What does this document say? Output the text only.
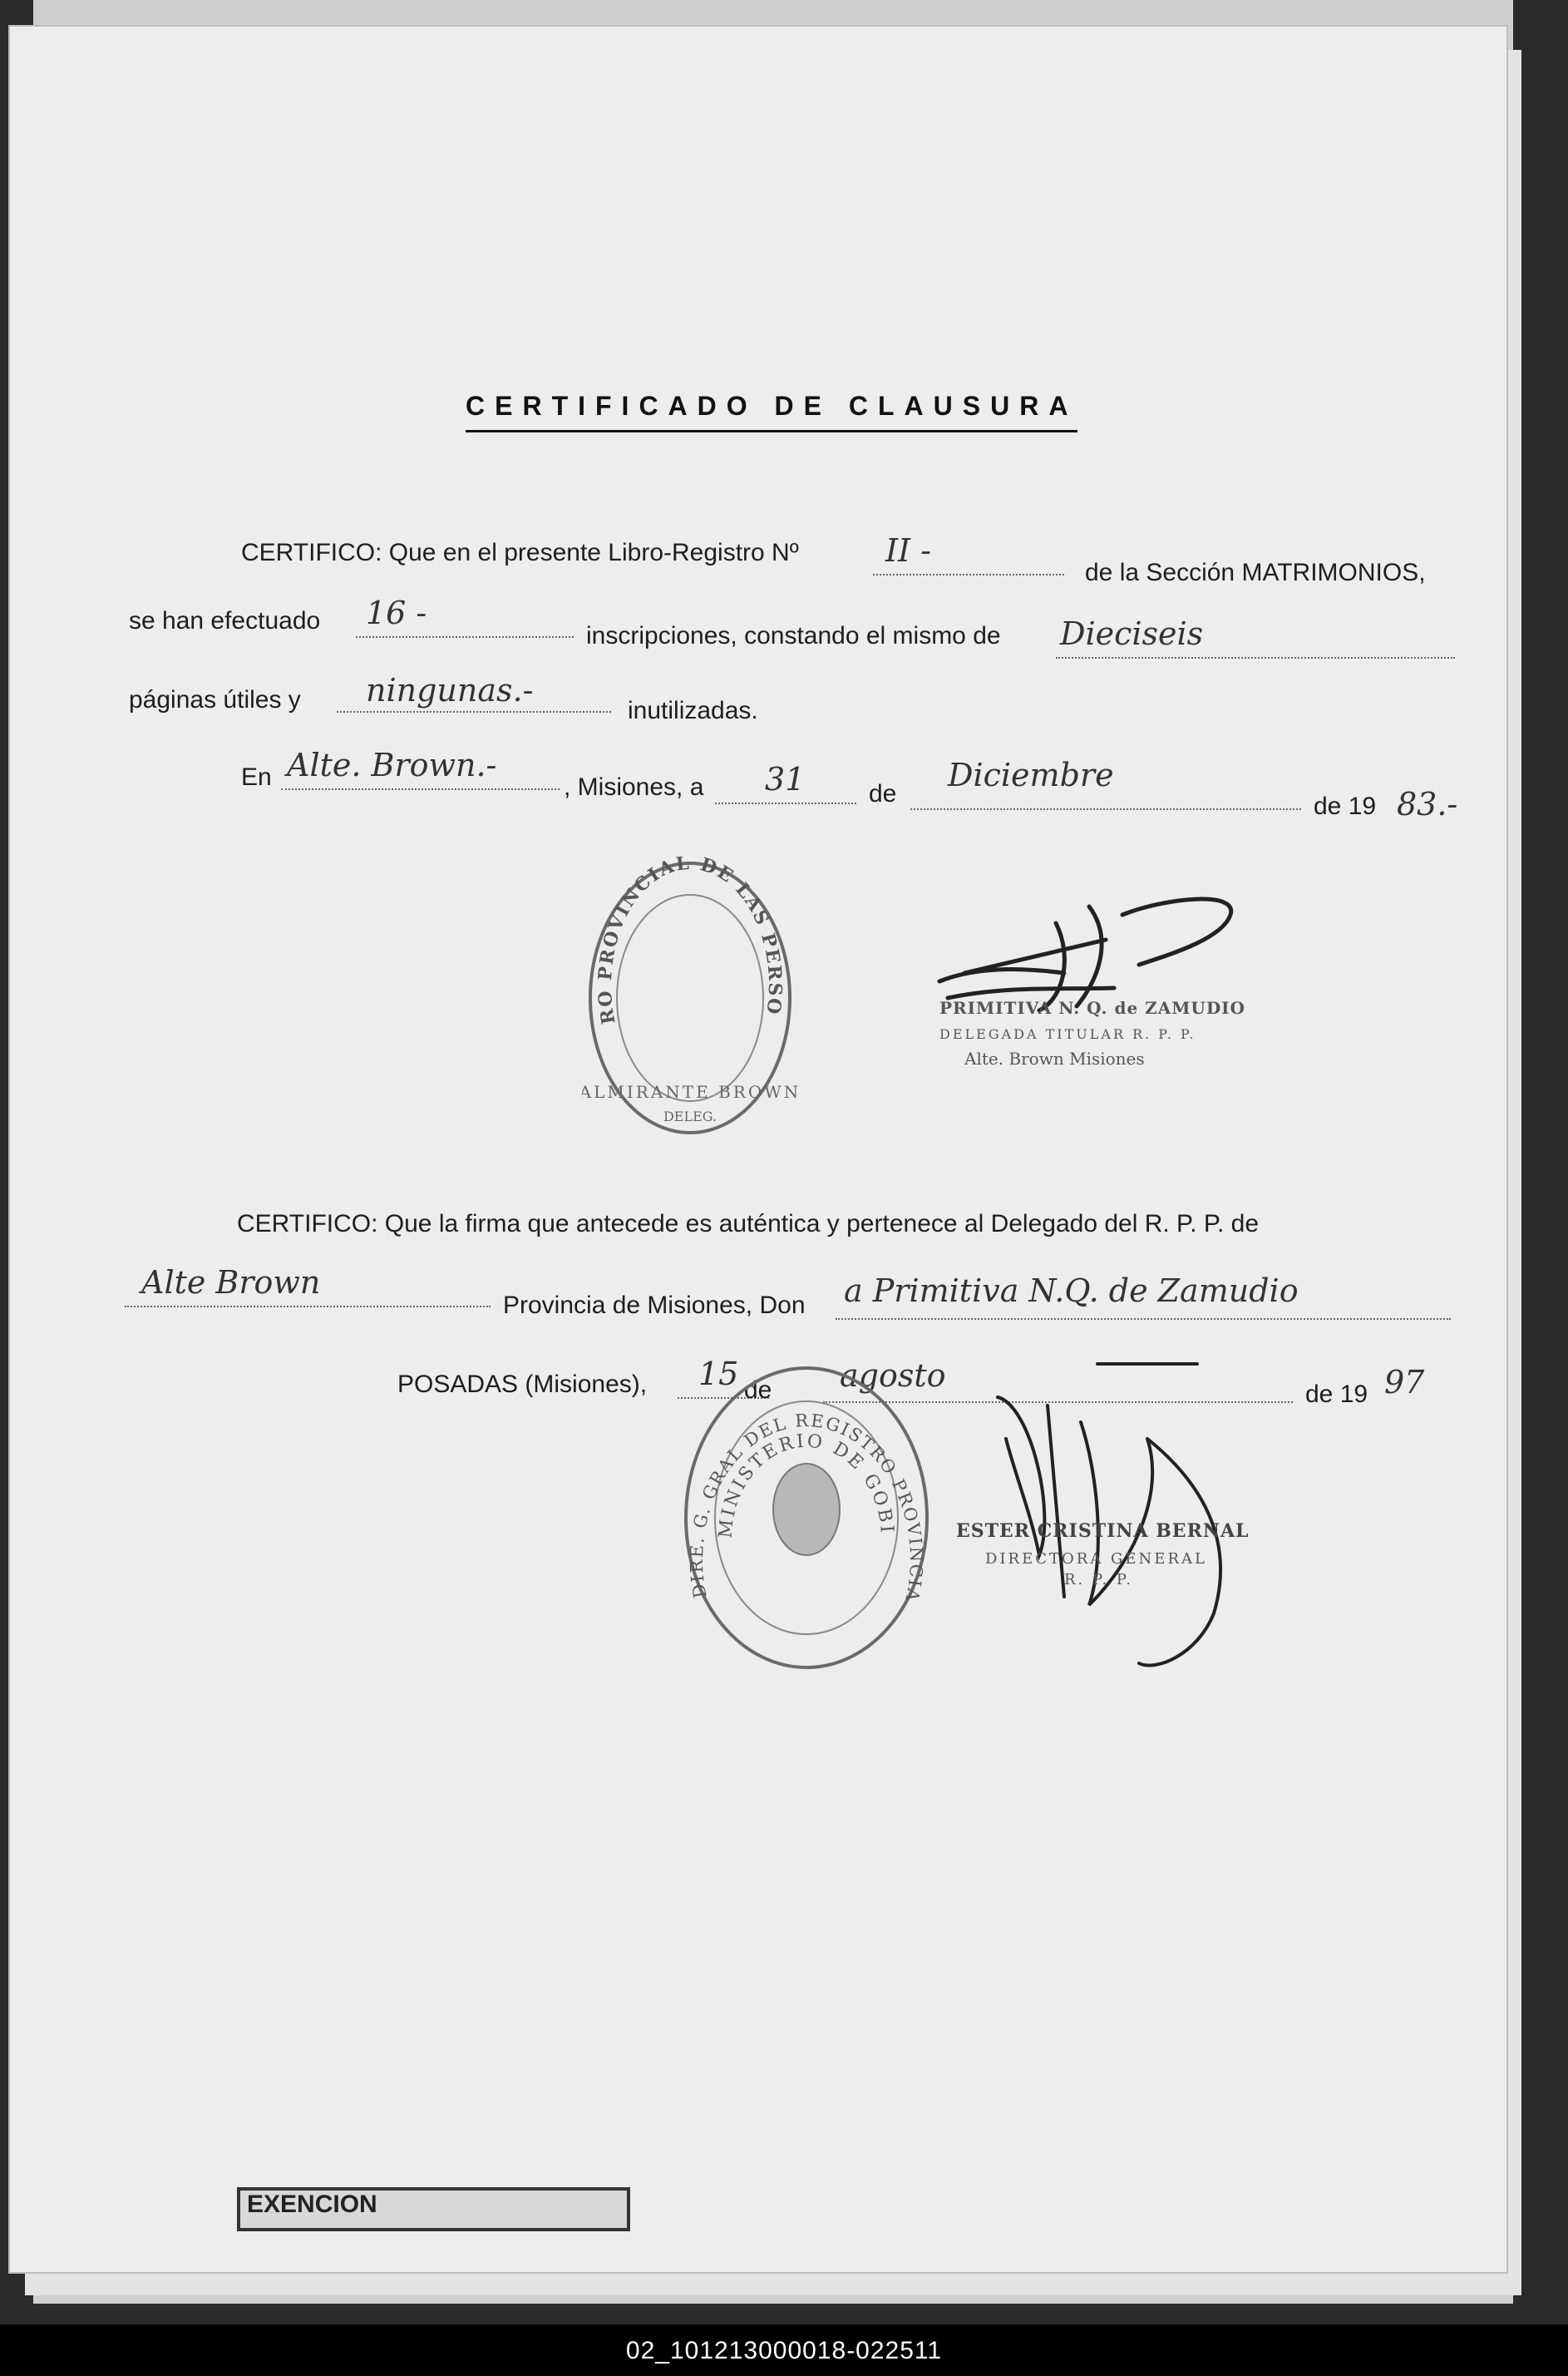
CERTIFICADO DE CLAUSURA
CERTIFICO: Que en el presente Libro-Registro Nº	II -
de la Sección MATRIMONIOS,
se han efectuado 16 -
inscripciones, constando el mismo de Dieciseis
páginas útiles y ningunas.-
inutilizadas.
En Alte. Brown.-
, Misiones, a 31	de
Diciembre
de 19 83.-
RO PROVINCIAL DE LAS PERSO
ALMIRANTE BROWN
DELEG.
PRIMITIVA N. Q. de ZAMUDIO
DELEGADA TITULAR R. P. P.
Alte. Brown Misiones
CERTIFICO: Que la firma que antecede es auténtica y pertenece al Delegado del R. P. P. de
Alte Brown
Provincia de Misiones, Don a Primitiva N.Q. de Zamudio
POSADAS (Misiones), 15 de agosto
de 19 97
DIRE. G. GRAL DEL REGISTRO PROVINCIA
MINISTERIO DE GOBI	ESTER CRISTINA BERNAL
DIRECTORA GENERAL
R. P. P.
EXENCION
02_101213000018-022511
